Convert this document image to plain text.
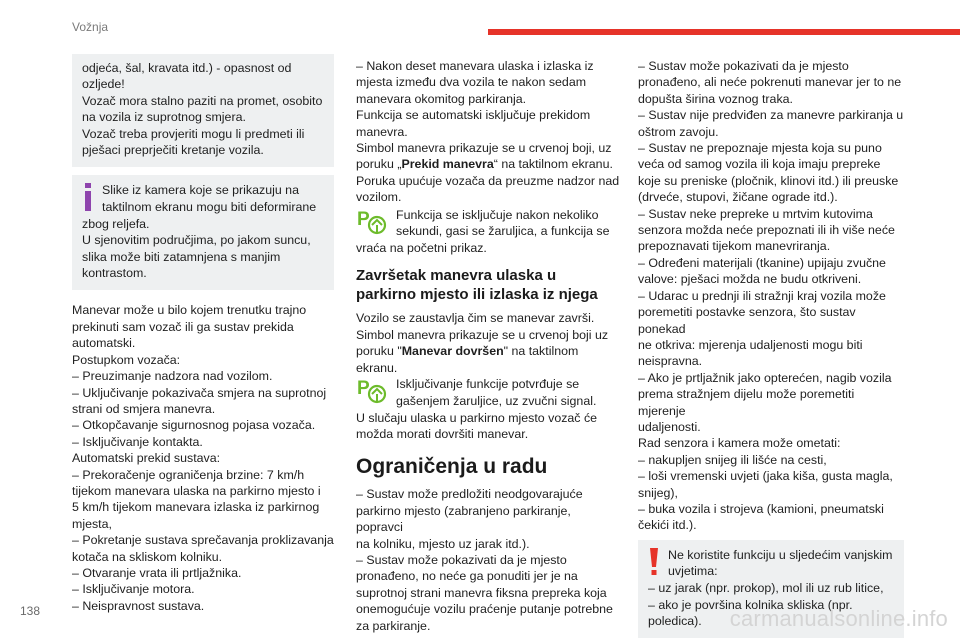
Vožnja

odjeća, šal, kravata itd.) - opasnost od

ozljede!

Vozač mora stalno paziti na promet, osobito

na vozila iz suprotnog smjera.

Vozač treba provjeriti mogu li predmeti ili

pješaci preprječiti kretanje vozila.

Slike iz kamera koje se prikazuju na

taktilnom ekranu mogu biti deformirane

zbog reljefa.

U sjenovitim područjima, po jakom suncu,

slika može biti zatamnjena s manjim

kontrastom.

Manevar može u bilo kojem trenutku trajno

prekinuti sam vozač ili ga sustav prekida

automatski.

Postupkom vozača:

– Preuzimanje nadzora nad vozilom.

– Uključivanje pokazivača smjera na suprotnoj

strani od smjera manevra.

– Otkopčavanje sigurnosnog pojasa vozača.

– Isključivanje kontakta.

Automatski prekid sustava:

– Prekoračenje ograničenja brzine: 7 km/h

tijekom manevara ulaska na parkirno mjesto i

5 km/h tijekom manevara izlaska iz parkirnog

mjesta,

– Pokretanje sustava sprečavanja proklizavanja

kotača na skliskom kolniku.

– Otvaranje vrata ili prtljažnika.

– Isključivanje motora.

– Neispravnost sustava.

– Nakon deset manevara ulaska i izlaska iz

mjesta između dva vozila te nakon sedam

manevara okomitog parkiranja.

Funkcija se automatski isključuje prekidom

manevra.

Simbol manevra prikazuje se u crvenoj boji, uz

poruku „Prekid manevra“ na taktilnom ekranu.

Poruka upućuje vozača da preuzme nadzor nad

vozilom.

P Funkcija se isključuje nakon nekoliko

sekundi, gasi se žaruljica, a funkcija se

vraća na početni prikaz.

Završetak manevra ulaska u parkirno mjesto ili izlaska iz njega

Vozilo se zaustavlja čim se manevar završi.

Simbol manevra prikazuje se u crvenoj boji uz

poruku "Manevar dovršen" na taktilnom ekranu.

P Isključivanje funkcije potvrđuje se

gašenjem žaruljice, uz zvučni signal.

U slučaju ulaska u parkirno mjesto vozač će

možda morati dovršiti manevar.

Ograničenja u radu

– Sustav može predložiti neodgovarajuće

parkirno mjesto (zabranjeno parkiranje, popravci

na kolniku, mjesto uz jarak itd.).

– Sustav može pokazivati da je mjesto

pronađeno, no neće ga ponuditi jer je na

suprotnoj strani manevra fiksna prepreka koja

onemogućuje vozilu praćenje putanje potrebne

za parkiranje.

– Sustav može pokazivati da je mjesto

pronađeno, ali neće pokrenuti manevar jer to ne

dopušta širina voznog traka.

– Sustav nije predviđen za manevre parkiranja u

oštrom zavoju.

– Sustav ne prepoznaje mjesta koja su puno

veća od samog vozila ili koja imaju prepreke

koje su preniske (pločnik, klinovi itd.) ili preuske

(drveće, stupovi, žičane ograde itd.).

– Sustav neke prepreke u mrtvim kutovima

senzora možda neće prepoznati ili ih više neće

prepoznavati tijekom manevriranja.

– Određeni materijali (tkanine) upijaju zvučne

valove: pješaci možda ne budu otkriveni.

– Udarac u prednji ili stražnji kraj vozila može

poremetiti postavke senzora, što sustav ponekad

ne otkriva: mjerenja udaljenosti mogu biti

neispravna.

– Ako je prtljažnik jako opterećen, nagib vozila

prema stražnjem dijelu može poremetiti mjerenje

udaljenosti.

Rad senzora i kamera može ometati:

– nakupljen snijeg ili lišće na cesti,

– loši vremenski uvjeti (jaka kiša, gusta magla,

snijeg),

– buka vozila i strojeva (kamioni, pneumatski

čekići itd.).

Ne koristite funkciju u sljedećim vanjskim

uvjetima:

– uz jarak (npr. prokop), mol ili uz rub litice,

– ako je površina kolnika skliska (npr.

poledica).

138	carmanualsonline.info
